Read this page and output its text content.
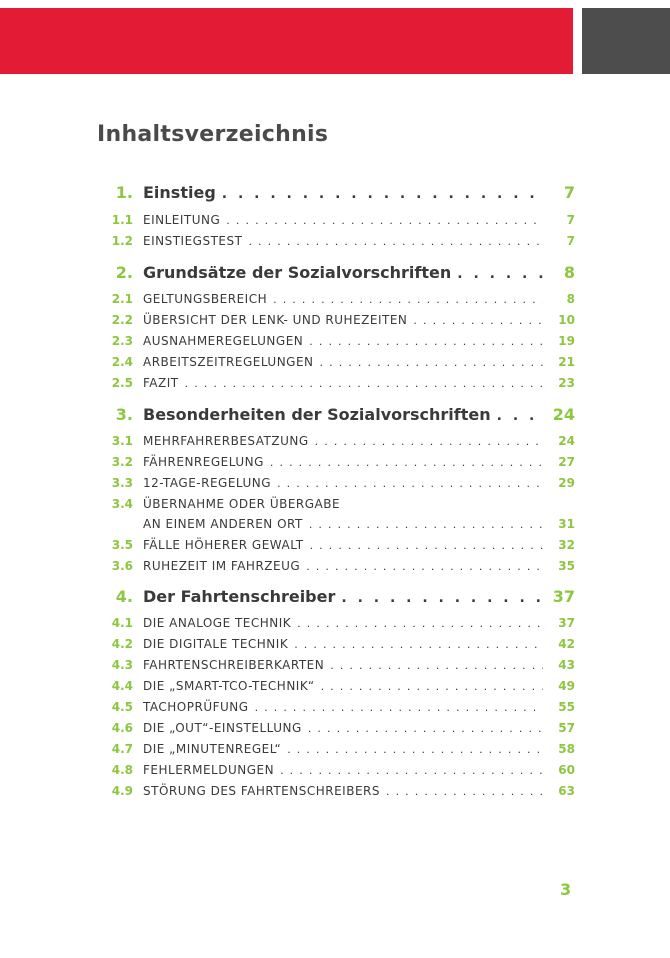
Inhaltsverzeichnis
1. Einstieg . . .	7
1.1 EINLEITUNG . . .	7
1.2 EINSTIEGSTEST . . .	7
2. Grundsätze der Sozialvorschriften . . .	8
2.1 GELTUNGSBEREICH . . .	8
2.2 ÜBERSICHT DER LENK- UND RUHEZEITEN . . .	10
2.3 AUSNAHMEREGELUNGEN . . .	19
2.4 ARBEITSZEITREGELUNGEN . . .	21
2.5 FAZIT . . .	23
3. Besonderheiten der Sozialvorschriften . . .	24
3.1 MEHRFAHRERBESATZUNG . . .	24
3.2 FÄHRENREGELUNG . . .	27
3.3 12-TAGE-REGELUNG . . .	29
3.4 ÜBERNAHME ODER ÜBERGABE
AN EINEM ANDEREN ORT . . .	31
3.5 FÄLLE HÖHERER GEWALT . . .	32
3.6 RUHEZEIT IM FAHRZEUG . . .	35
4. Der Fahrtenschreiber . . .	37
4.1 DIE ANALOGE TECHNIK . . .	37
4.2 DIE DIGITALE TECHNIK . . .	42
4.3 FAHRTENSCHREIBERKARTEN . . .	43
4.4 DIE „SMART-TCO-TECHNIK“ . . .	49
4.5 TACHOPRÜFUNG . . .	55
4.6 DIE „OUT“-EINSTELLUNG . . .	57
4.7 DIE „MINUTENREGEL“ . . .	58
4.8 FEHLERMELDUNGEN . . .	60
4.9 STÖRUNG DES FAHRTENSCHREIBERS . . .	63
3
